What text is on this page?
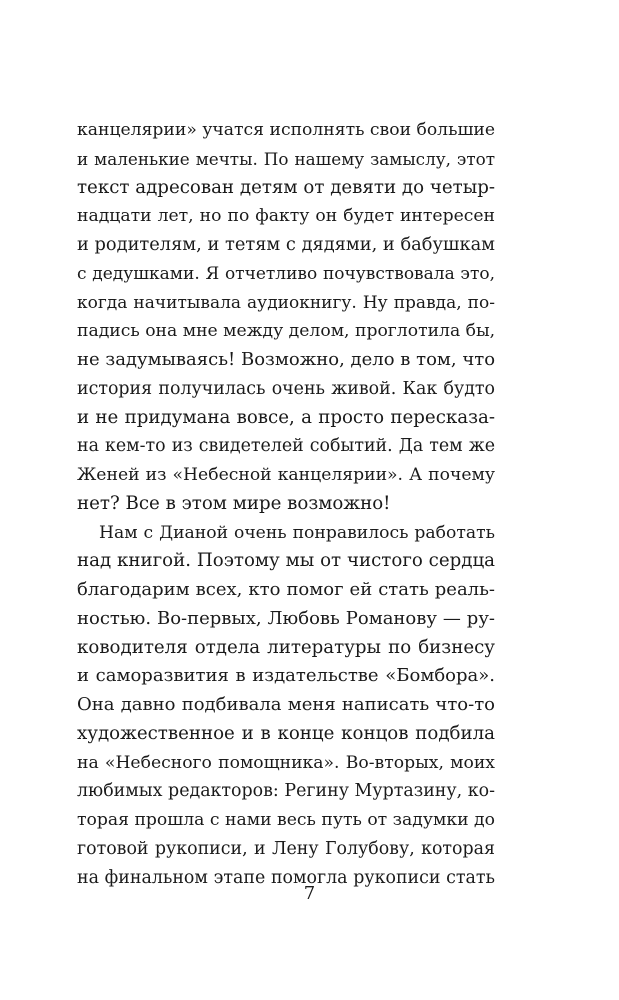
канцелярии» учатся исполнять свои большие
и маленькие мечты. По нашему замыслу, этот
текст адресован детям от девяти до четыр-
надцати лет, но по факту он будет интересен
и родителям, и тетям с дядями, и бабушкам
с дедушками. Я отчетливо почувствовала это,
когда начитывала аудиокнигу. Ну правда, по-
падись она мне между делом, проглотила бы,
не задумываясь! Возможно, дело в том, что
история получилась очень живой. Как будто
и не придумана вовсе, а просто пересказа-
на кем-то из свидетелей событий. Да тем же
Женей из «Небесной канцелярии». А почему
нет? Все в этом мире возможно!
Нам с Дианой очень понравилось работать
над книгой. Поэтому мы от чистого сердца
благодарим всех, кто помог ей стать реаль-
ностью. Во-первых, Любовь Романову — ру-
ководителя отдела литературы по бизнесу
и саморазвития в издательстве «Бомбора».
Она давно подбивала меня написать что-то
художественное и в конце концов подбила
на «Небесного помощника». Во-вторых, моих
любимых редакторов: Регину Муртазину, ко-
торая прошла с нами весь путь от задумки до
готовой рукописи, и Лену Голубову, которая
на финальном этапе помогла рукописи стать
7
